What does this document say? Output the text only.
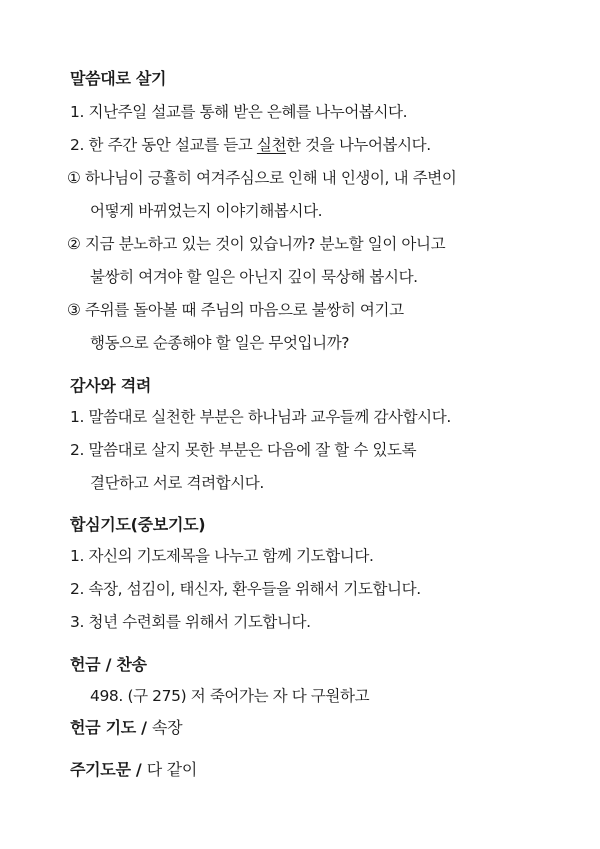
말씀대로 살기
1. 지난주일 설교를 통해 받은 은혜를 나누어봅시다.
2. 한 주간 동안 설교를 듣고 실천한 것을 나누어봅시다.
① 하나님이 긍휼히 여겨주심으로 인해 내 인생이, 내 주변이
어떻게 바뀌었는지 이야기해봅시다.
② 지금 분노하고 있는 것이 있습니까? 분노할 일이 아니고
불쌍히 여겨야 할 일은 아닌지 깊이 묵상해 봅시다.
③ 주위를 돌아볼 때 주님의 마음으로 불쌍히 여기고
행동으로 순종해야 할 일은 무엇입니까?
감사와 격려
1. 말씀대로 실천한 부분은 하나님과 교우들께 감사합시다.
2. 말씀대로 살지 못한 부분은 다음에 잘 할 수 있도록
결단하고 서로 격려합시다.
합심기도(중보기도)
1. 자신의 기도제목을 나누고 함께 기도합니다.
2. 속장, 섬김이, 태신자, 환우들을 위해서 기도합니다.
3. 청년 수련회를 위해서 기도합니다.
헌금 / 찬송
498. (구 275) 저 죽어가는 자 다 구원하고
헌금 기도 / 속장
주기도문 / 다 같이
